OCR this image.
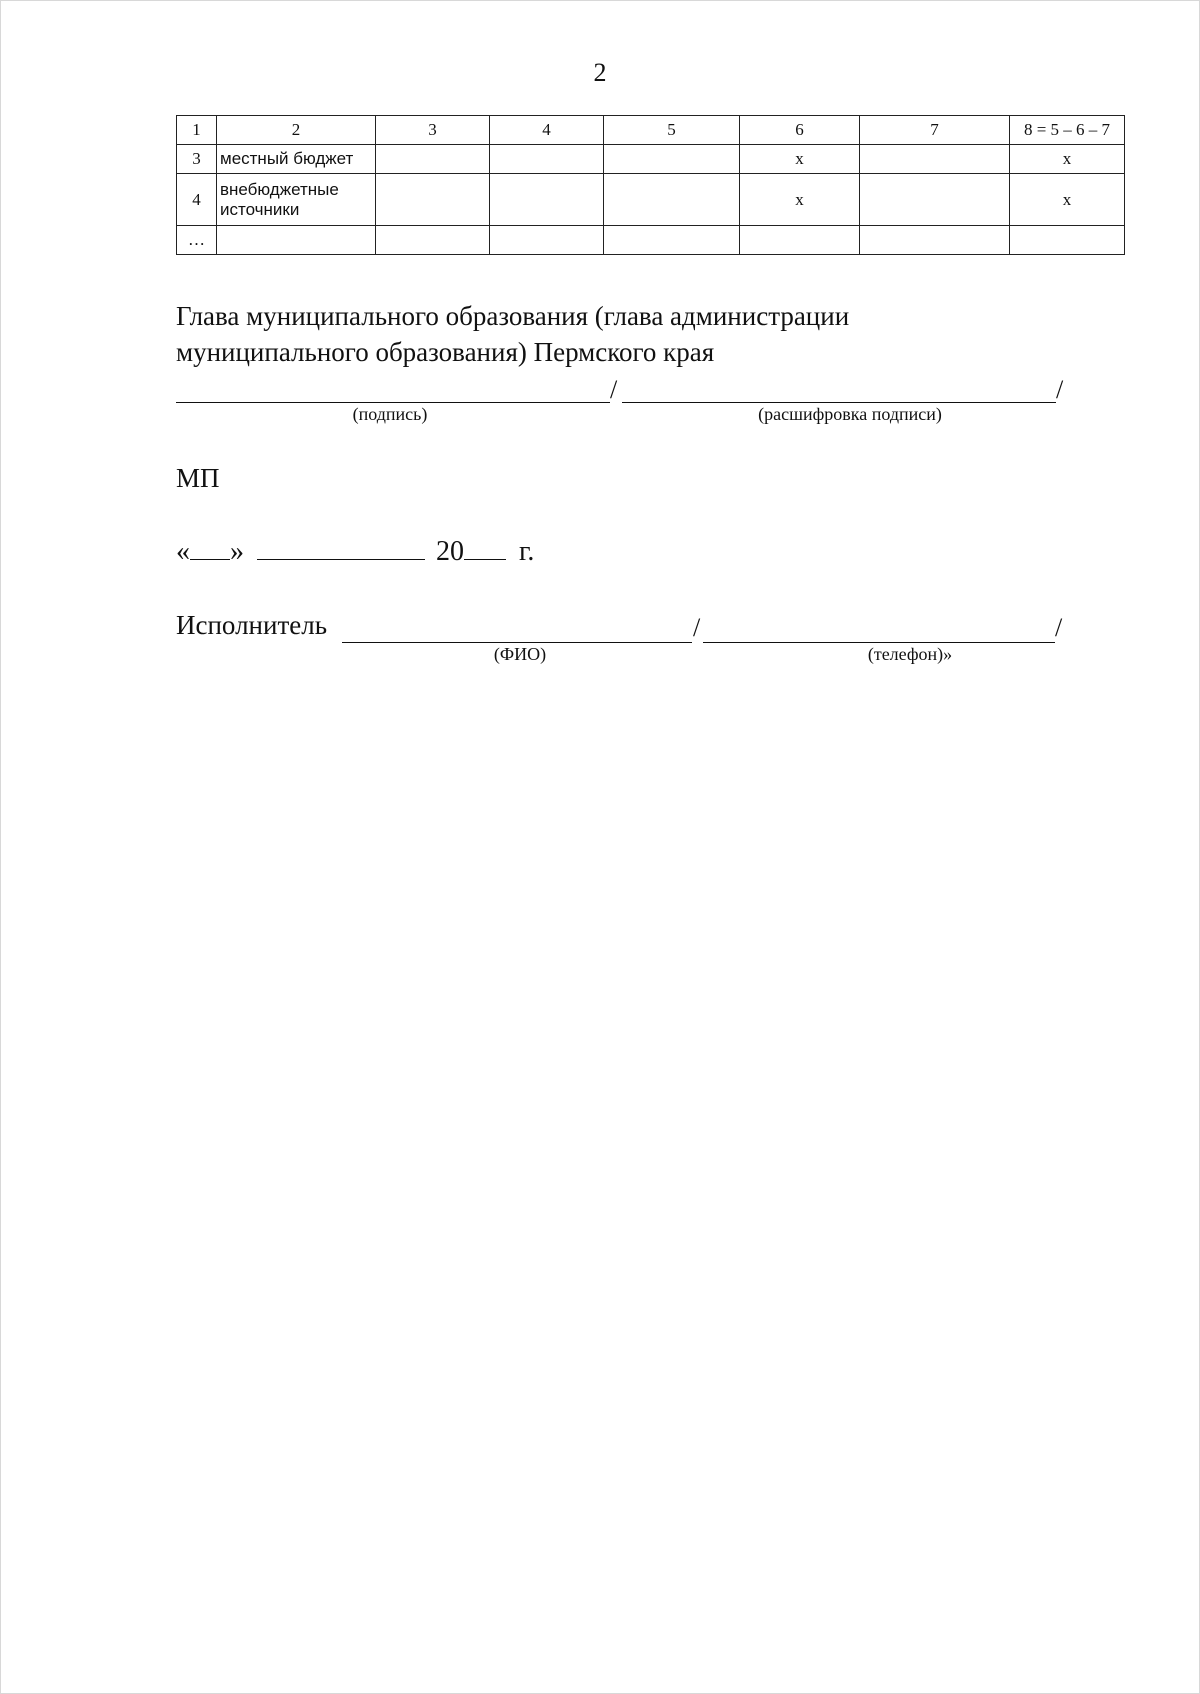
2
1	2	3	4	5	6	7	8 = 5 – 6 – 7
3	местный бюджет				x		x
4	внебюджетные источники				x		x
…							
Глава муниципального образования (глава администрации
муниципального образования) Пермского края
/	/
(подпись)	(расшифровка подписи)
МП
« »	20 г.
Исполнитель	/	/
(ФИО)	(телефон)»
